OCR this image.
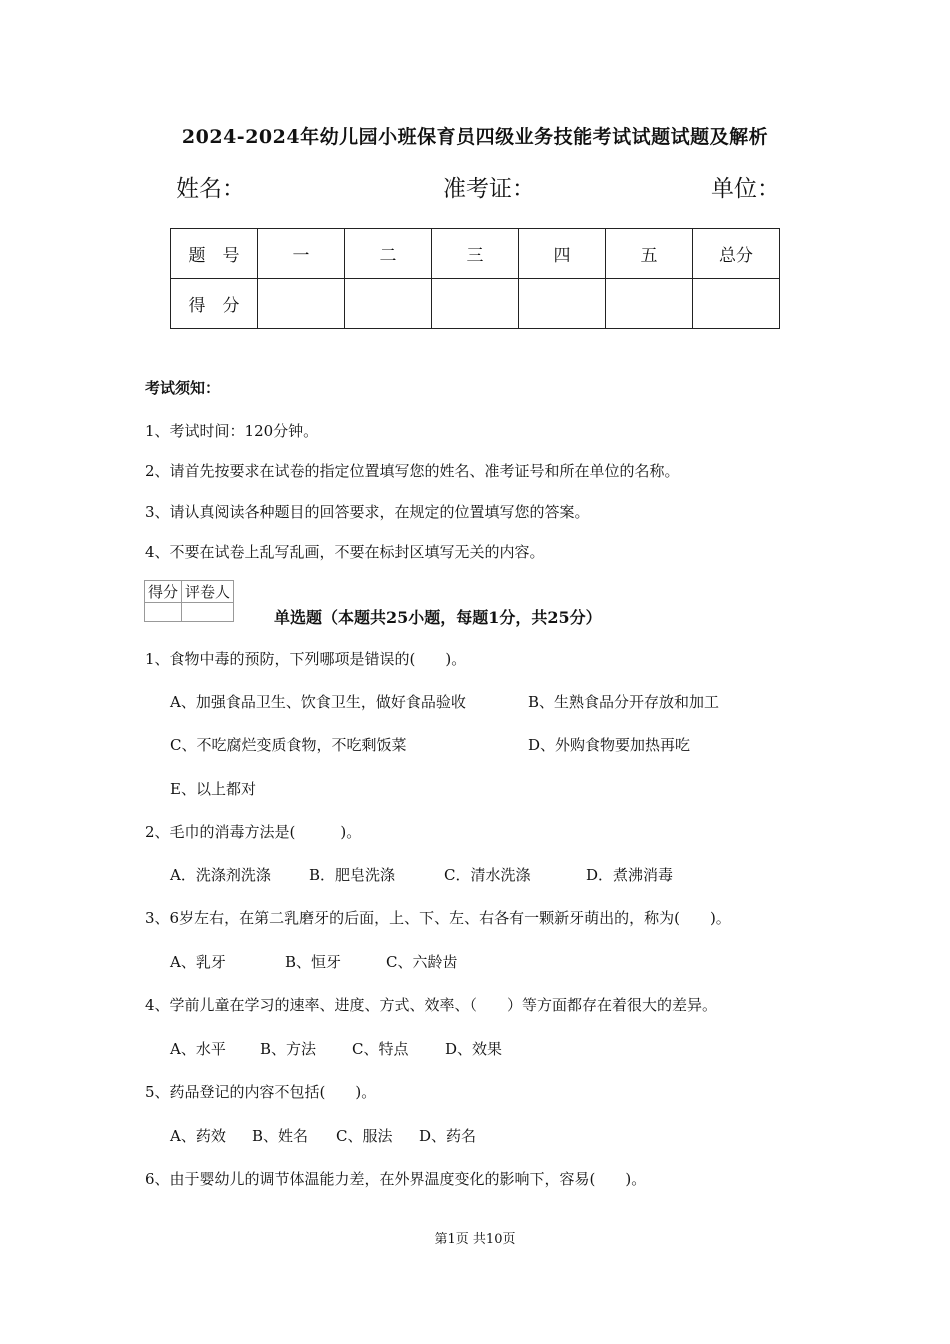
2024-2024年幼儿园小班保育员四级业务技能考试试题试题及解析
姓名：	准考证：	单位：
题　号	一	二	三	四	五	总分
得　分						
考试须知：
1、考试时间：120分钟。
2、请首先按要求在试卷的指定位置填写您的姓名、准考证号和所在单位的名称。
3、请认真阅读各种题目的回答要求，在规定的位置填写您的答案。
4、不要在试卷上乱写乱画，不要在标封区填写无关的内容。
得分	评卷人

单选题（本题共25小题，每题1分，共25分）
1、食物中毒的预防，下列哪项是错误的(　　)。
A、加强食品卫生、饮食卫生，做好食品验收	B、生熟食品分开存放和加工
C、不吃腐烂变质食物，不吃剩饭菜	D、外购食物要加热再吃
E、以上都对
2、毛巾的消毒方法是(　　　)。
A．洗涤剂洗涤	B．肥皂洗涤	C．清水洗涤	D．煮沸消毒
3、6岁左右，在第二乳磨牙的后面，上、下、左、右各有一颗新牙萌出的，称为(　　)。
A、乳牙	B、恒牙	C、六龄齿
4、学前儿童在学习的速率、进度、方式、效率、（　　）等方面都存在着很大的差异。
A、水平 B、方法 C、特点 D、效果
5、药品登记的内容不包括(　　)。
A、药效 B、姓名 C、服法 D、药名
6、由于婴幼儿的调节体温能力差，在外界温度变化的影响下，容易(　　)。
第1页 共10页
